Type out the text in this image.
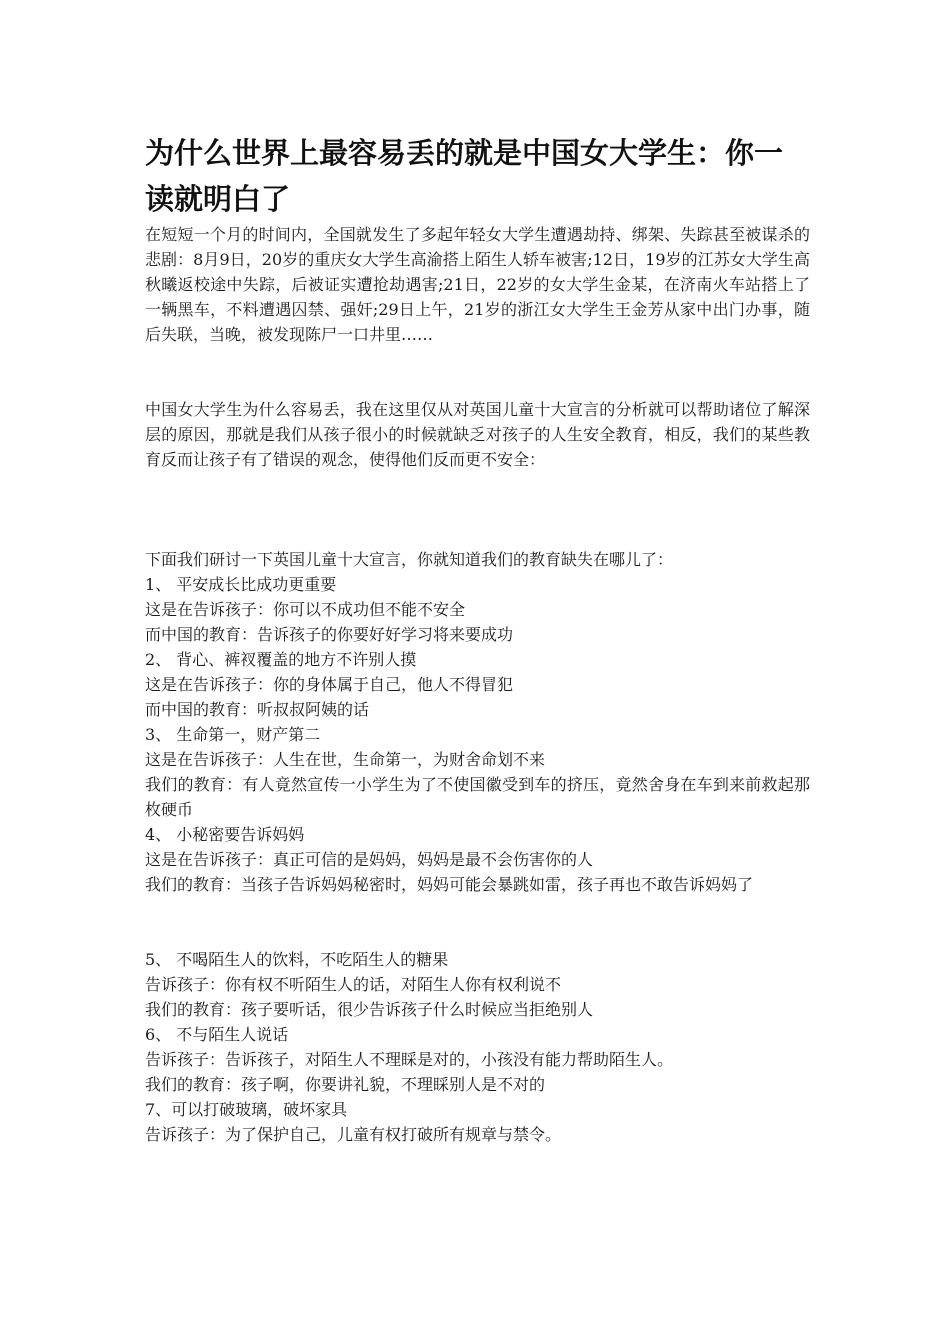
为什么世界上最容易丢的就是中国女大学生：你一读就明白了

在短短一个月的时间内，全国就发生了多起年轻女大学生遭遇劫持、绑架、失踪甚至被谋杀的悲剧：8月9日，20岁的重庆女大学生高渝搭上陌生人轿车被害;12日，19岁的江苏女大学生高秋曦返校途中失踪，后被证实遭抢劫遇害;21日，22岁的女大学生金某，在济南火车站搭上了一辆黑车，不料遭遇囚禁、强奸;29日上午，21岁的浙江女大学生王金芳从家中出门办事，随后失联，当晚，被发现陈尸一口井里……

中国女大学生为什么容易丢，我在这里仅从对英国儿童十大宣言的分析就可以帮助诸位了解深层的原因，那就是我们从孩子很小的时候就缺乏对孩子的人生安全教育，相反，我们的某些教育反而让孩子有了错误的观念，使得他们反而更不安全：

下面我们研讨一下英国儿童十大宣言，你就知道我们的教育缺失在哪儿了：

1、 平安成长比成功更重要

这是在告诉孩子：你可以不成功但不能不安全

而中国的教育：告诉孩子的你要好好学习将来要成功

2、 背心、裤衩覆盖的地方不许别人摸

这是在告诉孩子：你的身体属于自己，他人不得冒犯

而中国的教育：听叔叔阿姨的话

3、 生命第一，财产第二

这是在告诉孩子：人生在世，生命第一，为财舍命划不来

我们的教育：有人竟然宣传一小学生为了不使国徽受到车的挤压，竟然舍身在车到来前救起那枚硬币

4、 小秘密要告诉妈妈

这是在告诉孩子：真正可信的是妈妈，妈妈是最不会伤害你的人

我们的教育：当孩子告诉妈妈秘密时，妈妈可能会暴跳如雷，孩子再也不敢告诉妈妈了

5、 不喝陌生人的饮料，不吃陌生人的糖果

告诉孩子：你有权不听陌生人的话，对陌生人你有权利说不

我们的教育：孩子要听话，很少告诉孩子什么时候应当拒绝别人

6、 不与陌生人说话

告诉孩子：告诉孩子，对陌生人不理睬是对的，小孩没有能力帮助陌生人。

我们的教育：孩子啊，你要讲礼貌，不理睬别人是不对的

7、可以打破玻璃，破坏家具

告诉孩子：为了保护自己，儿童有权打破所有规章与禁令。
